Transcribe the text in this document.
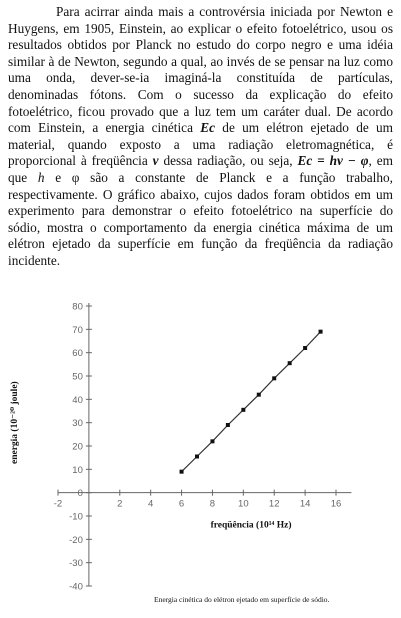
Para acirrar ainda mais a controvérsia iniciada por Newton e Huygens, em 1905, Einstein, ao explicar o efeito fotoelétrico, usou os resultados obtidos por Planck no estudo do corpo negro e uma idéia similar à de Newton, segundo a qual, ao invés de se pensar na luz como uma onda, dever-se-ia imaginá-la constituída de partículas, denominadas fótons. Com o sucesso da explicação do efeito fotoelétrico, ficou provado que a luz tem um caráter dual. De acordo com Einstein, a energia cinética Ec de um elétron ejetado de um material, quando exposto a uma radiação eletromagnética, é proporcional à freqüência ν dessa radiação, ou seja, Ec = hν − φ, em que h e φ são a constante de Planck e a função trabalho, respectivamente. O gráfico abaixo, cujos dados foram obtidos em um experimento para demonstrar o efeito fotoelétrico na superfície do sódio, mostra o comportamento da energia cinética máxima de um elétron ejetado da superfície em função da freqüência da radiação incidente.

-40
-30
-20
-10
0
10
20
30
40
50
60
70
80
-2	2	4	6	8 10 12 14 16
energia (10⁻²⁰ joule)
freqüência (10¹⁴ Hz)
Energia cinética do elétron ejetado em superfície de sódio.
